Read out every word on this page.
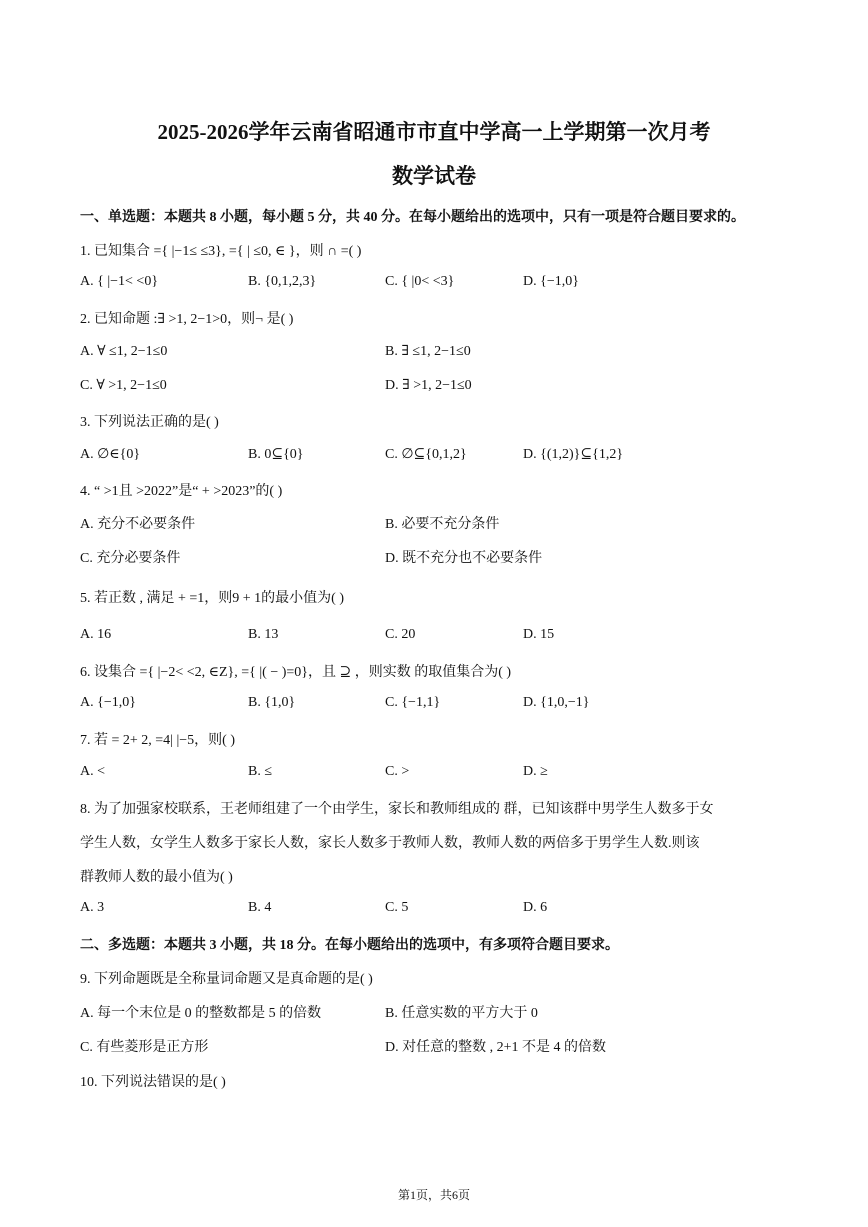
2025-2026学年云南省昭通市市直中学高一上学期第一次月考
数学试卷
一、单选题：本题共 8 小题，每小题 5 分，共 40 分。在每小题给出的选项中，只有一项是符合题目要求的。
1. 已知集合 ={ |−1≤ ≤3}, ={ | ≤0, ∈ }，则 ∩ =( )
A. { |−1< <0}	B. {0,1,2,3}	C. { |0< <3}	D. {−1,0}
2. 已知命题 :∃ >1, 2−1>0，则¬ 是( )
A. ∀ ≤1, 2−1≤0	B. ∃ ≤1, 2−1≤0
C. ∀ >1, 2−1≤0	D. ∃ >1, 2−1≤0
3. 下列说法正确的是( )
A. ∅∈{0}	B. 0⊆{0}	C. ∅⊆{0,1,2}	D. {(1,2)}⊆{1,2}
4. “ >1且 >2022”是“ + >2023”的( )
A. 充分不必要条件	B. 必要不充分条件
C. 充分必要条件	D. 既不充分也不必要条件
5. 若正数 , 满足 + =1，则9 + 1的最小值为( )
A. 16	B. 13	C. 20	D. 15
6. 设集合 ={ |−2< <2, ∈Z}, ={ |( − )=0}，且 ⊇ ，则实数 的取值集合为( )
A. {−1,0}	B. {1,0}	C. {−1,1}	D. {1,0,−1}
7. 若 = 2+ 2, =4| |−5，则( )
A. <	B. ≤	C. >	D. ≥
8. 为了加强家校联系，王老师组建了一个由学生，家长和教师组成的 群，已知该群中男学生人数多于女
学生人数，女学生人数多于家长人数，家长人数多于教师人数，教师人数的两倍多于男学生人数.则该
群教师人数的最小值为( )
A. 3	B. 4	C. 5	D. 6
二、多选题：本题共 3 小题，共 18 分。在每小题给出的选项中，有多项符合题目要求。
9. 下列命题既是全称量词命题又是真命题的是( )
A. 每一个末位是 0 的整数都是 5 的倍数	B. 任意实数的平方大于 0
C. 有些菱形是正方形	D. 对任意的整数 , 2+1 不是 4 的倍数
10. 下列说法错误的是( )
第1页，共6页
